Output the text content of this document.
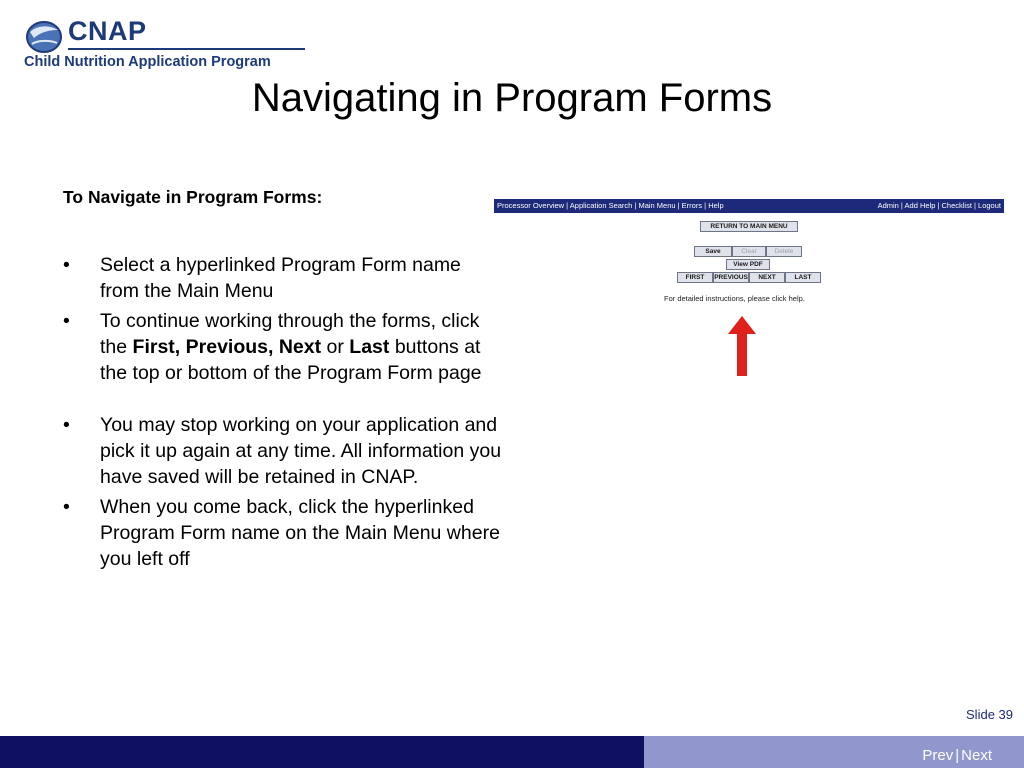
CNAP
Child Nutrition Application Program
Navigating in Program Forms
To Navigate in Program Forms:
• Select a hyperlinked Program Form name from the Main Menu
• To continue working through the forms, click the First, Previous, Next or Last buttons at the top or bottom of the Program Form page
• You may stop working on your application and pick it up again at any time. All information you have saved will be retained in CNAP.
• When you come back, click the hyperlinked Program Form name on the Main Menu where you left off
Processor Overview | Application Search | Main Menu | Errors | Help	Admin | Add Help | Checklist | Logout
RETURN TO MAIN MENU
Save	Clear	Delete
View PDF
FIRST	PREVIOUS	NEXT	LAST
For detailed instructions, please click help.
Slide 39
Prev | Next
